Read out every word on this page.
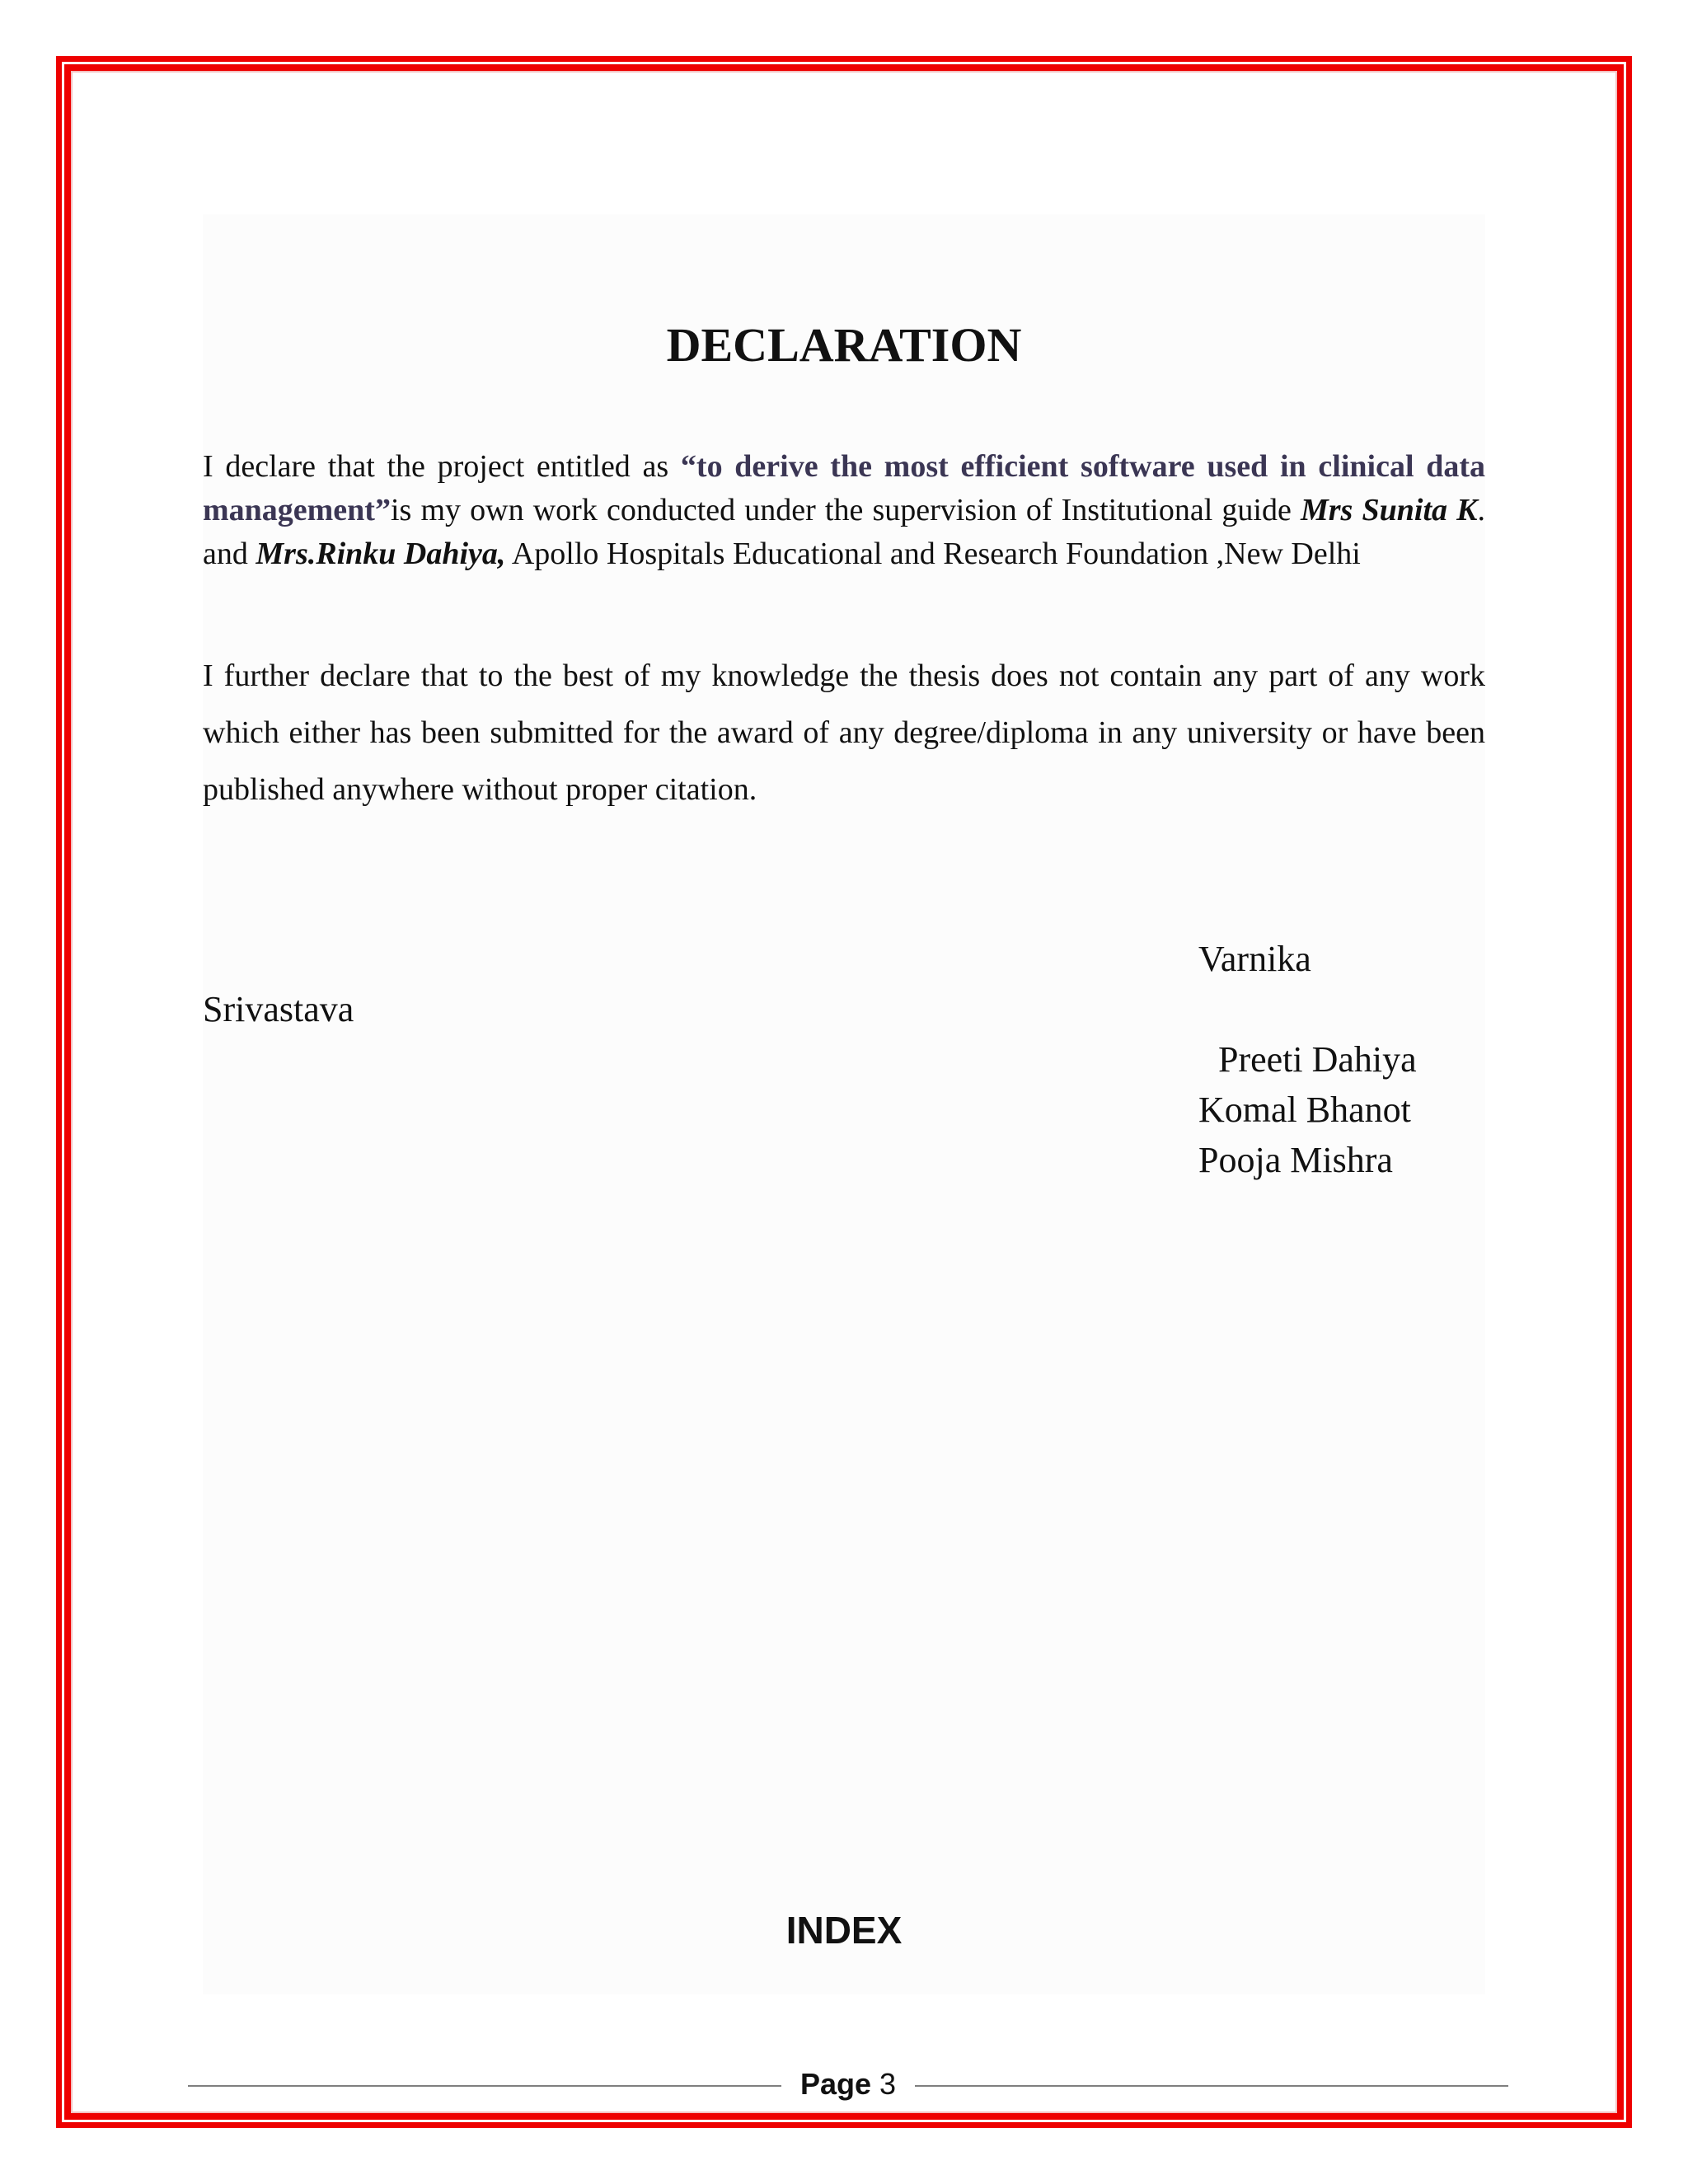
DECLARATION

I declare that the project entitled as “to derive the most efficient software used in clinical data management”is my own work conducted under the supervision of Institutional guide Mrs Sunita K. and Mrs.Rinku Dahiya, Apollo Hospitals Educational and Research Foundation ,New Delhi

I further declare that to the best of my knowledge the thesis does not contain any part of any work which either has been submitted for the award of any degree/diploma in any university or have been published anywhere without proper citation.

Varnika
Srivastava
Preeti Dahiya
Komal Bhanot
Pooja Mishra
INDEX
Page 3
